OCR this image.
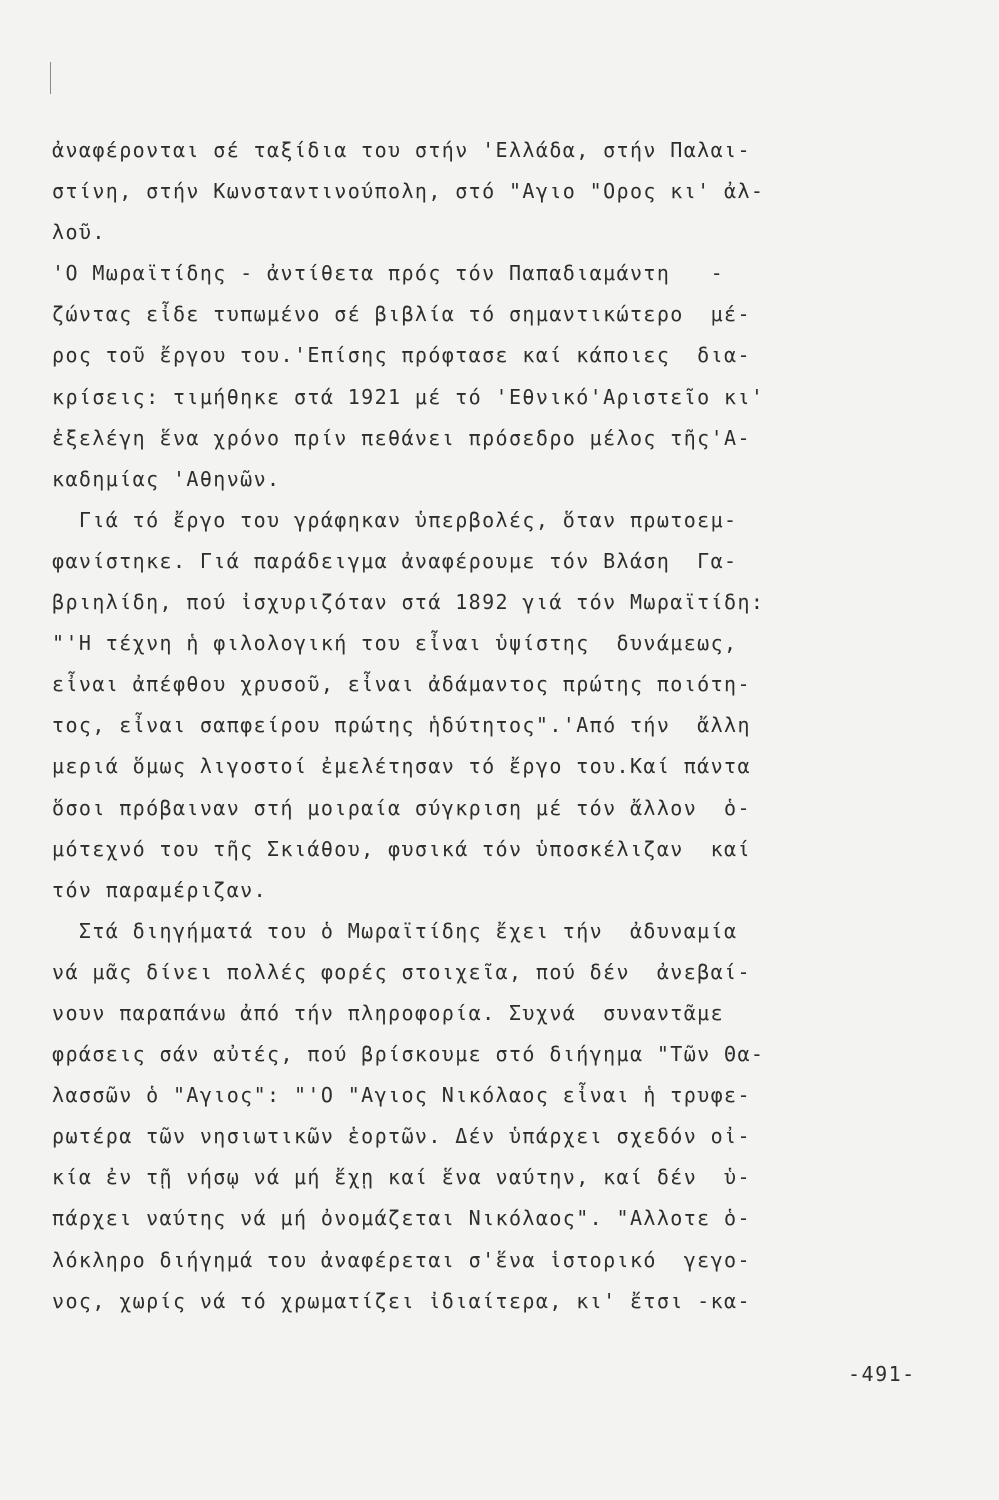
ἀναφέρονται σέ ταξίδια του στήν 'Ελλάδα, στήν Παλαι-
στίνη, στήν Κωνσταντινούπολη, στό "Αγιο "Ορος κι' ἀλ-
λοῦ.
'Ο Μωραϊτίδης - ἀντίθετα πρός τόν Παπαδιαμάντη   -
ζώντας εἶδε τυπωμένο σέ βιβλία τό σημαντικώτερο  μέ-
ρος τοῦ ἔργου του.'Επίσης πρόφτασε καί κάποιες  δια-
κρίσεις: τιμήθηκε στά 1921 μέ τό 'Εθνικό'Αριστεῖο κι'
ἐξελέγη ἕνα χρόνο πρίν πεθάνει πρόσεδρο μέλος τῆς'Α-
καδημίας 'Αθηνῶν.
Γιά τό ἔργο του γράφηκαν ὑπερβολές, ὅταν πρωτοεμ-
φανίστηκε. Γιά παράδειγμα ἀναφέρουμε τόν Βλάση  Γα-
βριηλίδη, πού ἰσχυριζόταν στά 1892 γιά τόν Μωραϊτίδη:
"'Η τέχνη ἡ φιλολογική του εἶναι ὑψίστης  δυνάμεως,
εἶναι ἀπέφθου χρυσοῦ, εἶναι ἀδάμαντος πρώτης ποιότη-
τος, εἶναι σαπφείρου πρώτης ἡδύτητος".'Από τήν  ἄλλη
μεριά ὅμως λιγοστοί ἐμελέτησαν τό ἔργο του.Καί πάντα
ὅσοι πρόβαιναν στή μοιραία σύγκριση μέ τόν ἄλλον  ὁ-
μότεχνό του τῆς Σκιάθου, φυσικά τόν ὑποσκέλιζαν  καί
τόν παραμέριζαν.
Στά διηγήματά του ὁ Μωραϊτίδης ἔχει τήν  ἀδυναμία
νά μᾶς δίνει πολλές φορές στοιχεῖα, πού δέν  ἀνεβαί-
νουν παραπάνω ἀπό τήν πληροφορία. Συχνά  συναντᾶμε
φράσεις σάν αὐτές, πού βρίσκουμε στό διήγημα "Τῶν Θα-
λασσῶν ὁ "Αγιος": "'Ο "Αγιος Νικόλαος εἶναι ἡ τρυφε-
ρωτέρα τῶν νησιωτικῶν ἑορτῶν. Δέν ὑπάρχει σχεδόν οἰ-
κία ἐν τῇ νήσῳ νά μή ἔχῃ καί ἕνα ναύτην, καί δέν  ὑ-
πάρχει ναύτης νά μή ὀνομάζεται Νικόλαος". "Αλλοτε ὁ-
λόκληρο διήγημά του ἀναφέρεται σ'ἕνα ἱστορικό  γεγο-
νος, χωρίς νά τό χρωματίζει ἰδιαίτερα, κι' ἔτσι -κα-
-491-
